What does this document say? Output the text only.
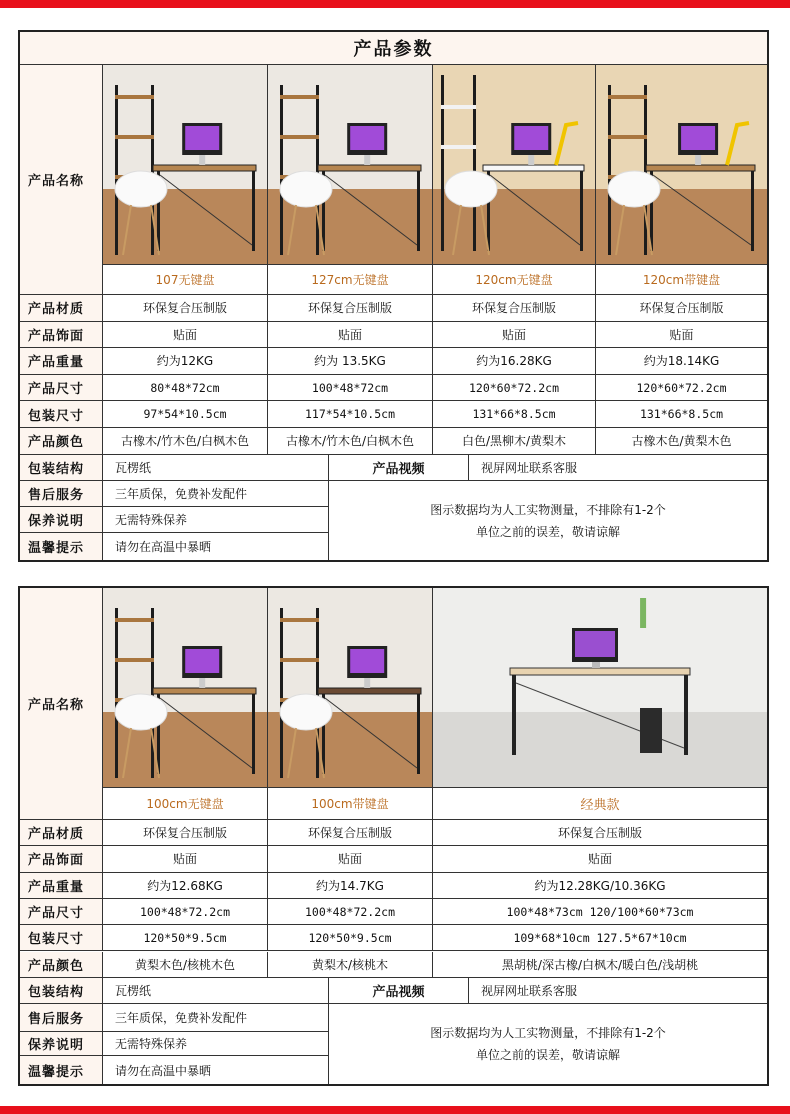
产品参数
产品名称
107无键盘	127cm无键盘	120cm无键盘	120cm带键盘
产品材质	环保复合压制版	环保复合压制版	环保复合压制版	环保复合压制版
产品饰面	贴面	贴面	贴面	贴面
产品重量	约为12KG	约为 13.5KG	约为16.28KG	约为18.14KG
产品尺寸	80*48*72cm	100*48*72cm	120*60*72.2cm	120*60*72.2cm
包装尺寸	97*54*10.5cm	117*54*10.5cm	131*66*8.5cm	131*66*8.5cm
产品颜色	古橡木/竹木色/白枫木色	古橡木/竹木色/白枫木色	白色/黑柳木/黄梨木	古橡木色/黄梨木色
包装结构	瓦楞纸	产品视频	视屏网址联系客服
售后服务	三年质保，免费补发配件
保养说明	无需特殊保养
温馨提示	请勿在高温中暴晒
图示数据均为人工实物测量，不排除有1-2个
单位之前的误差，敬请谅解
产品名称
100cm无键盘	100cm带键盘	经典款
产品材质	环保复合压制版	环保复合压制版	环保复合压制版
产品饰面	贴面	贴面	贴面
产品重量	约为12.68KG	约为14.7KG	约为12.28KG/10.36KG
产品尺寸	100*48*72.2cm	100*48*72.2cm	100*48*73cm 120/100*60*73cm
包装尺寸	120*50*9.5cm	120*50*9.5cm	109*68*10cm 127.5*67*10cm
产品颜色	黄梨木色/核桃木色	黄梨木/核桃木	黑胡桃/深古橡/白枫木/暖白色/浅胡桃
包装结构	瓦楞纸	产品视频	视屏网址联系客服
售后服务	三年质保，免费补发配件
保养说明	无需特殊保养
温馨提示	请勿在高温中暴晒
图示数据均为人工实物测量，不排除有1-2个
单位之前的误差，敬请谅解
